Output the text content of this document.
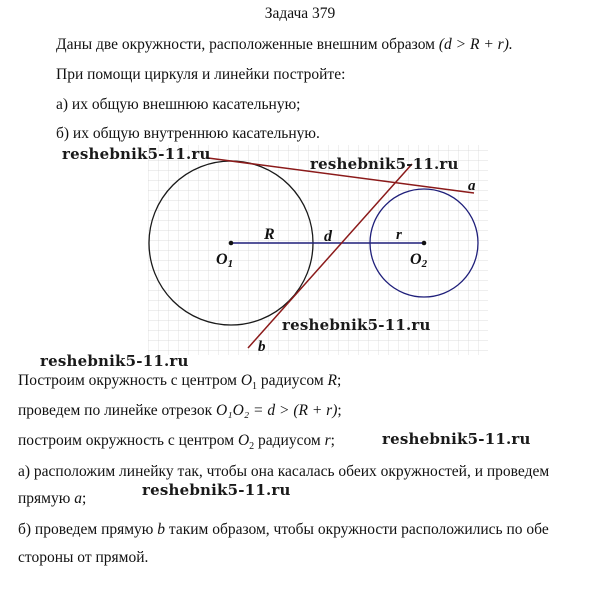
Задача 379
Даны две окружности, расположенные внешним образом (d > R + r).
При помощи циркуля и линейки постройте:
а) их общую внешнюю касательную;
б) их общую внутреннюю касательную.
R	d	r
O1	O2
a
b
reshebnik5-11.ru
reshebnik5-11.ru
reshebnik5-11.ru
reshebnik5-11.ru
reshebnik5-11.ru
reshebnik5-11.ru
Построим окружность с центром $O_1$ радиусом R;
проведем по линейке отрезок O₁O₂ = d > (R + r);
построим окружность с центром $O_2$ радиусом r;
а) расположим линейку так, чтобы она касалась обеих окружностей, и проведем
прямую a;
б) проведем прямую b таким образом, чтобы окружности расположились по обе
стороны от прямой.
